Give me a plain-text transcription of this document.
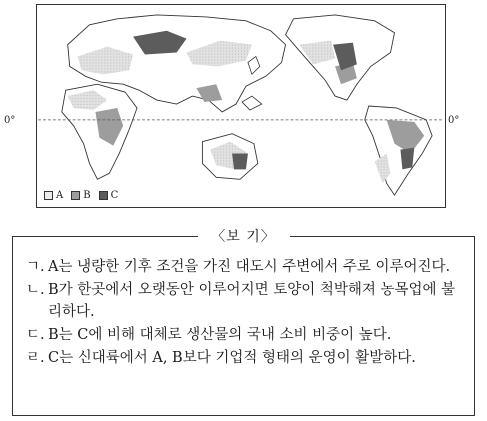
0°	0°
A B C
〈보 기〉
ㄱ. A는 냉량한 기후 조건을 가진 대도시 주변에서 주로 이루어진다.
ㄴ. B가 한곳에서 오랫동안 이루어지면 토양이 척박해져 농목업에 불리하다.
ㄷ. B는 C에 비해 대체로 생산물의 국내 소비 비중이 높다.
ㄹ. C는 신대륙에서 A, B보다 기업적 형태의 운영이 활발하다.
